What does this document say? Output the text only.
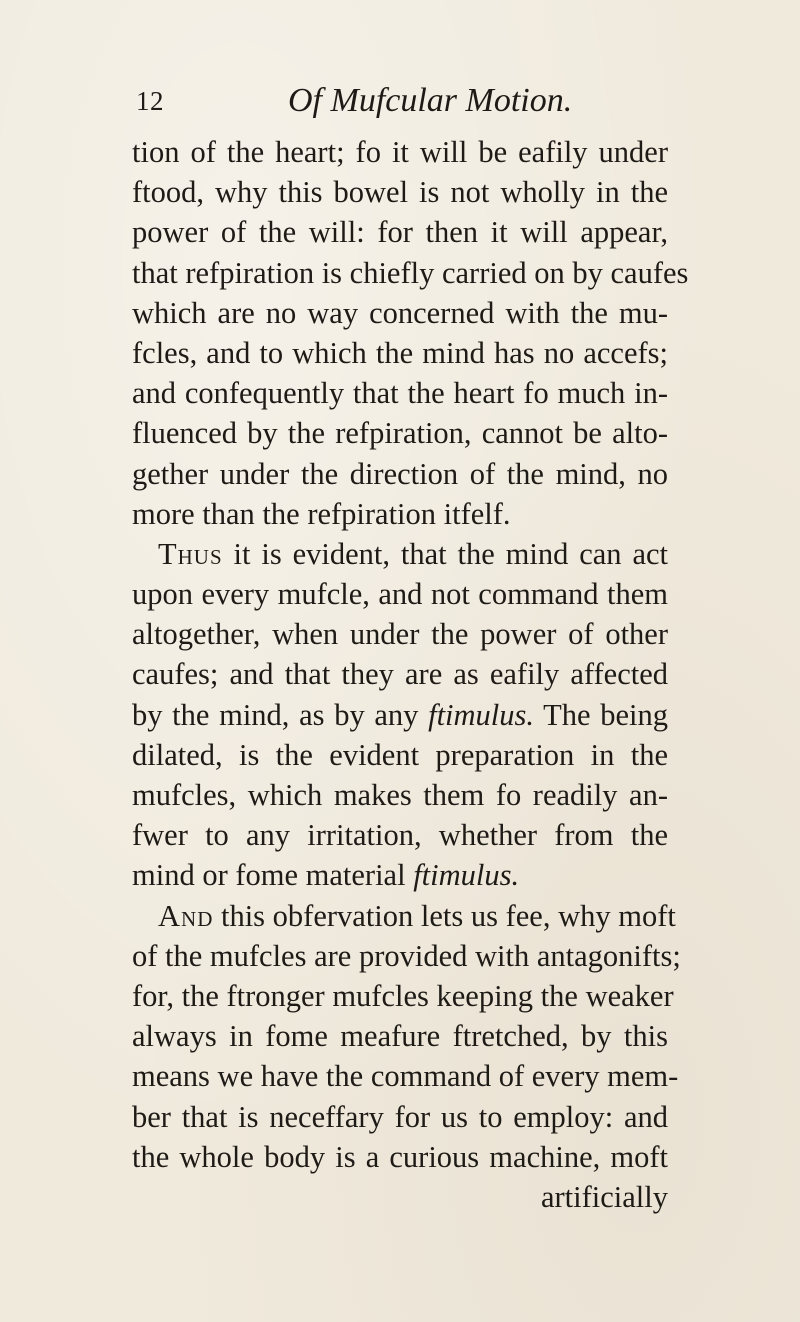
12	Of Mufcular Motion.
tion of the heart; fo it will be eafily under
ftood, why this bowel is not wholly in the
power of the will: for then it will appear,
that refpiration is chiefly carried on by caufes
which are no way concerned with the mu-
fcles, and to which the mind has no accefs;
and confequently that the heart fo much in-
fluenced by the refpiration, cannot be alto-
gether under the direction of the mind, no
more than the refpiration itfelf.
Thus it is evident, that the mind can act
upon every mufcle, and not command them
altogether, when under the power of other
caufes; and that they are as eafily affected
by the mind, as by any ftimulus. The being
dilated, is the evident preparation in the
mufcles, which makes them fo readily an-
fwer to any irritation, whether from the
mind or fome material ftimulus.
And this obfervation lets us fee, why moft
of the mufcles are provided with antagonifts;
for, the ftronger mufcles keeping the weaker
always in fome meafure ftretched, by this
means we have the command of every mem-
ber that is neceffary for us to employ: and
the whole body is a curious machine, moft
artificially
